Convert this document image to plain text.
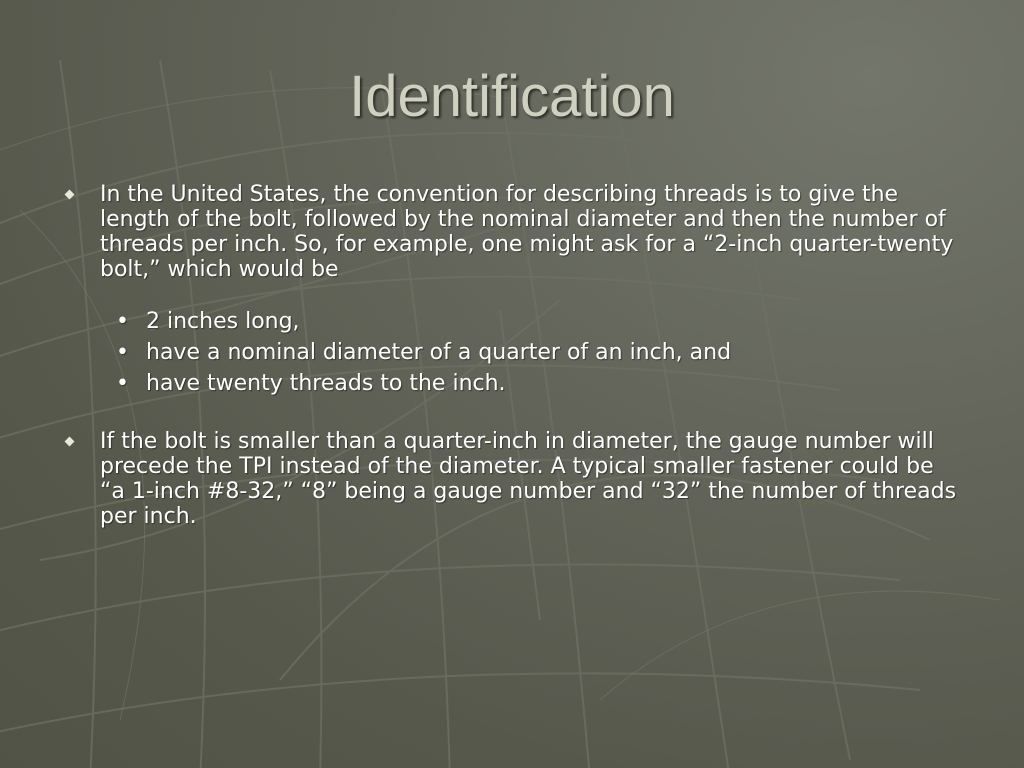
Identification
In the United States, the convention for describing threads is to give the length of the bolt, followed by the nominal diameter and then the number of threads per inch. So, for example, one might ask for a “2-inch quarter-twenty bolt,” which would be
• 2 inches long,
• have a nominal diameter of a quarter of an inch, and
• have twenty threads to the inch.
If the bolt is smaller than a quarter-inch in diameter, the gauge number will precede the TPI instead of the diameter. A typical smaller fastener could be “a 1-inch #8-32,” “8” being a gauge number and “32” the number of threads per inch.
